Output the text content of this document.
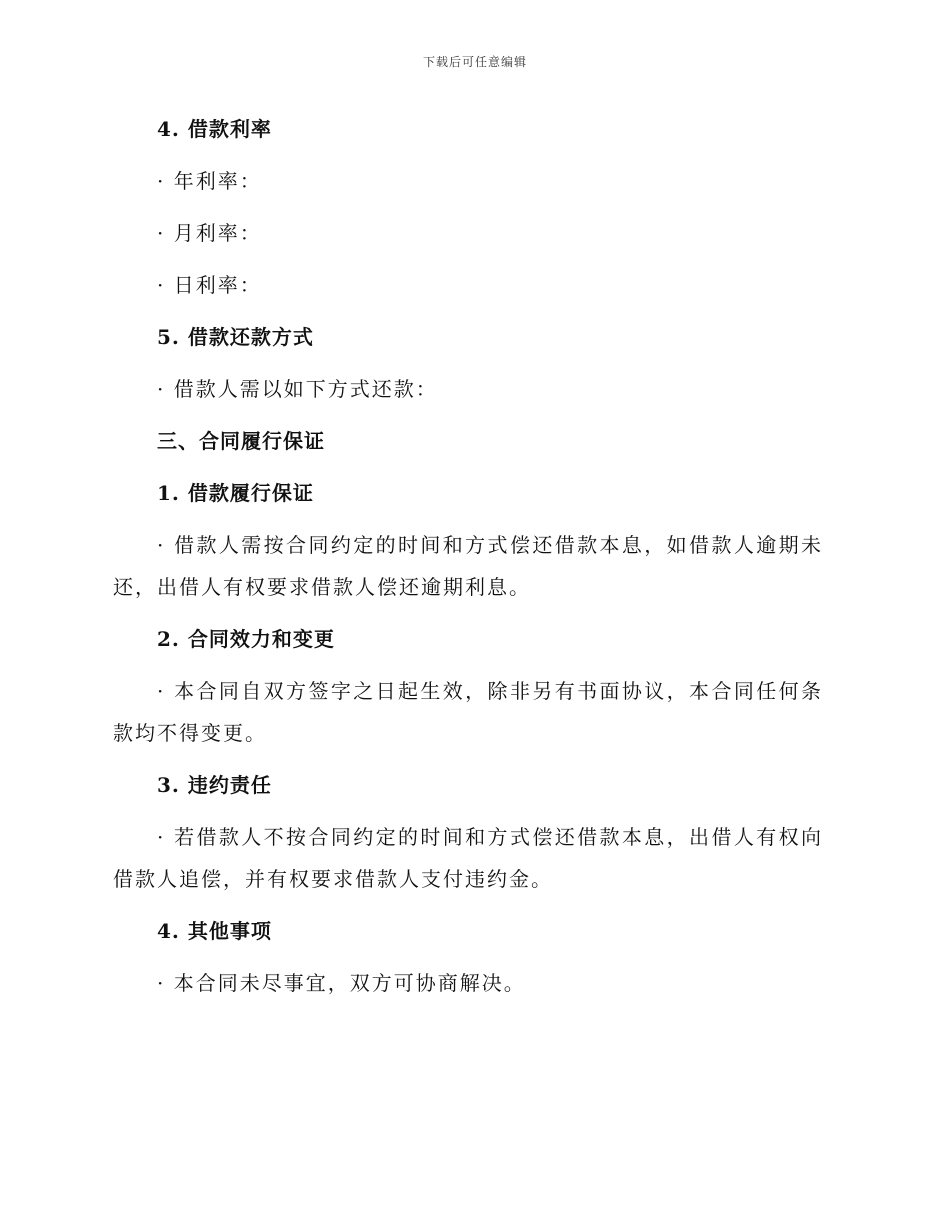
下载后可任意编辑
4. 借款利率
· 年利率：
· 月利率：
· 日利率：
5. 借款还款方式
· 借款人需以如下方式还款：
三、合同履行保证
1. 借款履行保证
· 借款人需按合同约定的时间和方式偿还借款本息，如借款人逾期未还，出借人有权要求借款人偿还逾期利息。
2. 合同效力和变更
· 本合同自双方签字之日起生效，除非另有书面协议，本合同任何条款均不得变更。
3. 违约责任
· 若借款人不按合同约定的时间和方式偿还借款本息，出借人有权向借款人追偿，并有权要求借款人支付违约金。
4. 其他事项
· 本合同未尽事宜，双方可协商解决。
